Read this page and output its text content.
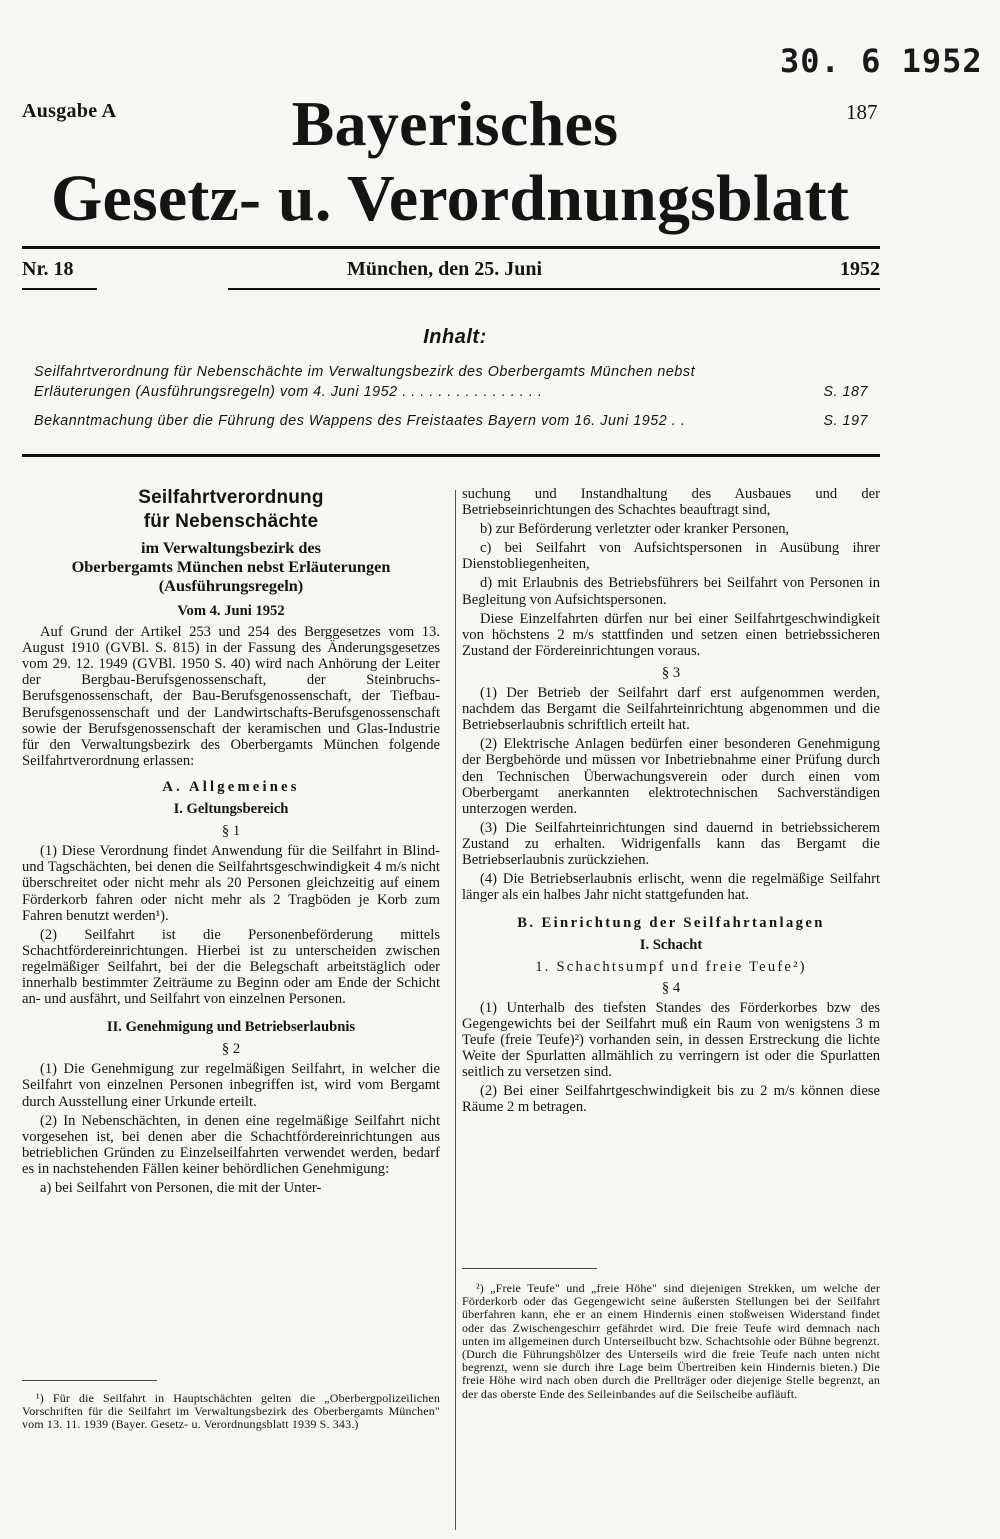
30. 6 1952
Ausgabe A	187
Bayerisches
Gesetz- u. Verordnungsblatt
Nr. 18	München, den 25. Juni	1952
Inhalt:
Seilfahrtverordnung für Nebenschächte im Verwaltungsbezirk des Oberbergamts München nebst
Erläuterungen (Ausführungsregeln) vom 4. Juni 1952 . . . . . . . . . . . . . . . .	S. 187
Bekanntmachung über die Führung des Wappens des Freistaates Bayern vom 16. Juni 1952 . .	S. 197
Seilfahrtverordnung
für Nebenschächte
im Verwaltungsbezirk des
Oberbergamts München nebst Erläuterungen
(Ausführungsregeln)
Vom 4. Juni 1952

Auf Grund der Artikel 253 und 254 des Berggesetzes vom 13. August 1910 (GVBl. S. 815) in der Fassung des Änderungsgesetzes vom 29. 12. 1949 (GVBl. 1950 S. 40) wird nach Anhörung der Leiter der Bergbau-Berufsgenossenschaft, der Steinbruchs-Berufsgenossenschaft, der Bau-Berufsgenossenschaft, der Tiefbau-Berufsgenossenschaft und der Landwirtschafts-Berufsgenossenschaft sowie der Berufsgenossenschaft der keramischen und Glas-Industrie für den Verwaltungsbezirk des Oberbergamts München folgende Seilfahrtverordnung erlassen:

A. Allgemeines
I. Geltungsbereich
§ 1

(1) Diese Verordnung findet Anwendung für die Seilfahrt in Blind- und Tagschächten, bei denen die Seilfahrtsgeschwindigkeit 4 m/s nicht überschreitet oder nicht mehr als 20 Personen gleichzeitig auf einem Förderkorb fahren oder nicht mehr als 2 Tragböden je Korb zum Fahren benutzt werden¹).

(2) Seilfahrt ist die Personenbeförderung mittels Schachtfördereinrichtungen. Hierbei ist zu unterscheiden zwischen regelmäßiger Seilfahrt, bei der die Belegschaft arbeitstäglich oder innerhalb bestimmter Zeiträume zu Beginn oder am Ende der Schicht an- und ausfährt, und Seilfahrt von einzelnen Personen.

II. Genehmigung und Betriebserlaubnis
§ 2

(1) Die Genehmigung zur regelmäßigen Seilfahrt, in welcher die Seilfahrt von einzelnen Personen inbegriffen ist, wird vom Bergamt durch Ausstellung einer Urkunde erteilt.

(2) In Nebenschächten, in denen eine regelmäßige Seilfahrt nicht vorgesehen ist, bei denen aber die Schachtfördereinrichtungen aus betrieblichen Gründen zu Einzelseilfahrten verwendet werden, bedarf es in nachstehenden Fällen keiner behördlichen Genehmigung:

a) bei Seilfahrt von Personen, die mit der Unter-

¹) Für die Seilfahrt in Hauptschächten gelten die „Oberbergpolizeilichen Vorschriften für die Seilfahrt im Verwaltungsbezirk des Oberbergamts München" vom 13. 11. 1939 (Bayer. Gesetz- u. Verordnungsblatt 1939 S. 343.)

suchung und Instandhaltung des Ausbaues und der Betriebseinrichtungen des Schachtes beauftragt sind,

b) zur Beförderung verletzter oder kranker Personen,

c) bei Seilfahrt von Aufsichtspersonen in Ausübung ihrer Dienstobliegenheiten,

d) mit Erlaubnis des Betriebsführers bei Seilfahrt von Personen in Begleitung von Aufsichtspersonen.

Diese Einzelfahrten dürfen nur bei einer Seilfahrtgeschwindigkeit von höchstens 2 m/s stattfinden und setzen einen betriebssicheren Zustand der Fördereinrichtungen voraus.

§ 3

(1) Der Betrieb der Seilfahrt darf erst aufgenommen werden, nachdem das Bergamt die Seilfahrteinrichtung abgenommen und die Betriebserlaubnis schriftlich erteilt hat.

(2) Elektrische Anlagen bedürfen einer besonderen Genehmigung der Bergbehörde und müssen vor Inbetriebnahme einer Prüfung durch den Technischen Überwachungsverein oder durch einen vom Oberbergamt anerkannten elektrotechnischen Sachverständigen unterzogen werden.

(3) Die Seilfahrteinrichtungen sind dauernd in betriebssicherem Zustand zu erhalten. Widrigenfalls kann das Bergamt die Betriebserlaubnis zurückziehen.

(4) Die Betriebserlaubnis erlischt, wenn die regelmäßige Seilfahrt länger als ein halbes Jahr nicht stattgefunden hat.

B. Einrichtung der Seilfahrtanlagen
I. Schacht
1. Schachtsumpf und freie Teufe²)
§ 4

(1) Unterhalb des tiefsten Standes des Förderkorbes bzw des Gegengewichts bei der Seilfahrt muß ein Raum von wenigstens 3 m Teufe (freie Teufe)²) vorhanden sein, in dessen Erstreckung die lichte Weite der Spurlatten allmählich zu verringern ist oder die Spurlatten seitlich zu versetzen sind.

(2) Bei einer Seilfahrtgeschwindigkeit bis zu 2 m/s können diese Räume 2 m betragen.

²) „Freie Teufe" und „freie Höhe" sind diejenigen Strekken, um welche der Förderkorb oder das Gegengewicht seine äußersten Stellungen bei der Seilfahrt überfahren kann, ehe er an einem Hindernis einen stoßweisen Widerstand findet oder das Zwischengeschirr gefährdet wird. Die freie Teufe wird demnach nach unten im allgemeinen durch Unterseilbucht bzw. Schachtsohle oder Bühne begrenzt. (Durch die Führungshölzer des Unterseils wird die freie Teufe nach unten nicht begrenzt, wenn sie durch ihre Lage beim Übertreiben kein Hindernis bieten.) Die freie Höhe wird nach oben durch die Prellträger oder diejenige Stelle begrenzt, an der das oberste Ende des Seileinbandes auf die Seilscheibe aufläuft.
